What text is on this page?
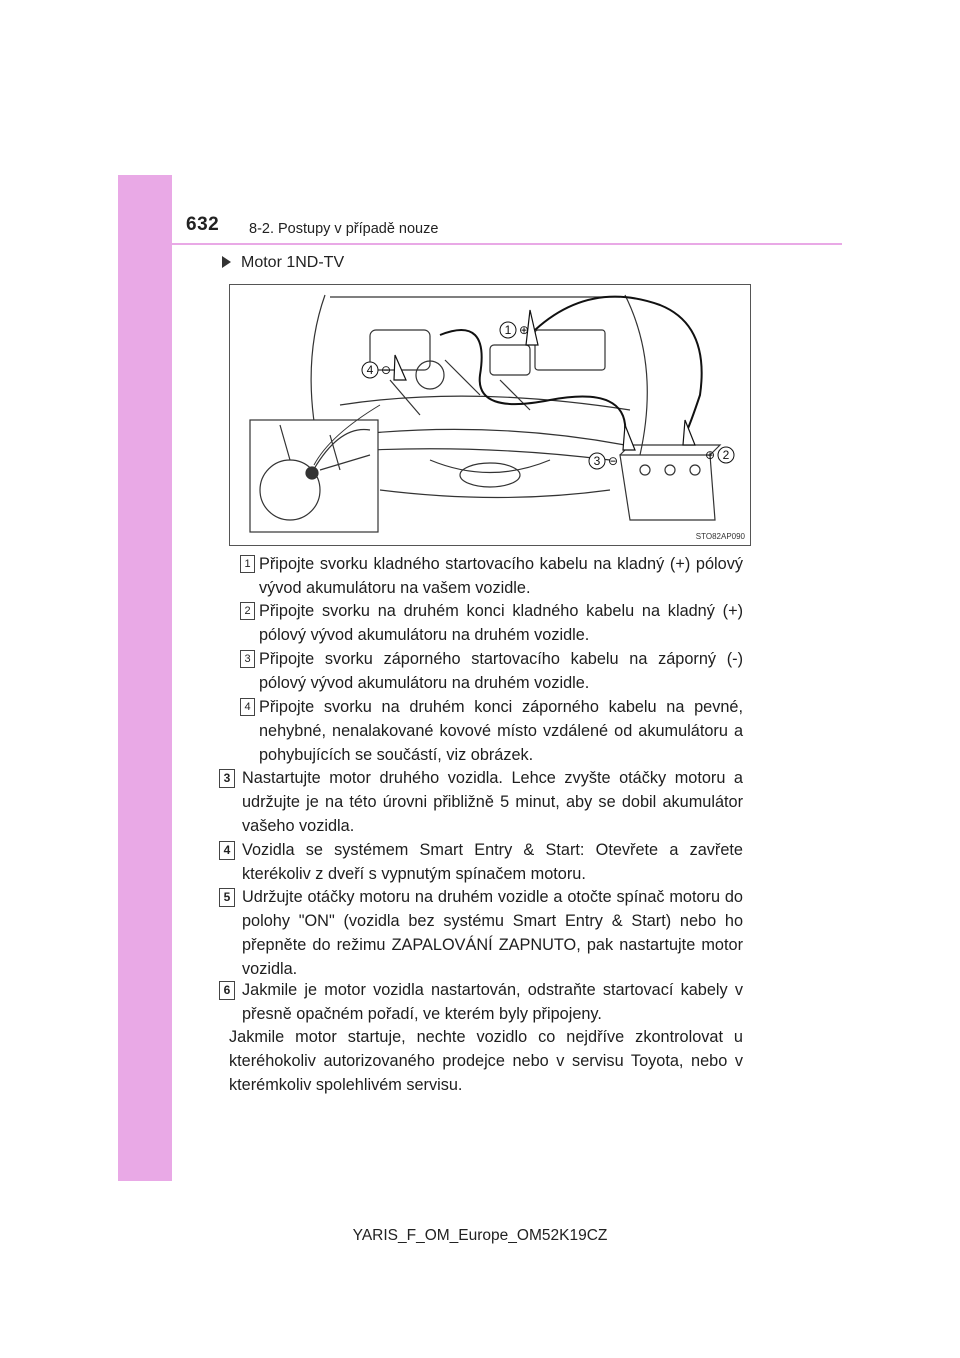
632 8-2. Postupy v případě nouze
Motor 1ND-TV
1
2
3
4
⊕
⊕
⊖
⊖
STO82AP090
1 Připojte svorku kladného startovacího kabelu na kladný (+) pólový vývod akumulátoru na vašem vozidle.
2 Připojte svorku na druhém konci kladného kabelu na kladný (+) pólový vývod akumulátoru na druhém vozidle.
3 Připojte svorku záporného startovacího kabelu na záporný (-) pólový vývod akumulátoru na druhém vozidle.
4 Připojte svorku na druhém konci záporného kabelu na pevné, nehybné, nenalakované kovové místo vzdálené od akumulátoru a pohybujících se součástí, viz obrázek.
3 Nastartujte motor druhého vozidla. Lehce zvyšte otáčky motoru a udržujte je na této úrovni přibližně 5 minut, aby se dobil akumulátor vašeho vozidla.
4 Vozidla se systémem Smart Entry & Start: Otevřete a zavřete kterékoliv z dveří s vypnutým spínačem motoru.
5 Udržujte otáčky motoru na druhém vozidle a otočte spínač motoru do polohy "ON" (vozidla bez systému Smart Entry & Start) nebo ho přepněte do režimu ZAPALOVÁNÍ ZAPNUTO, pak nastartujte motor vozidla.
6 Jakmile je motor vozidla nastartován, odstraňte startovací kabely v přesně opačném pořadí, ve kterém byly připojeny.
Jakmile motor startuje, nechte vozidlo co nejdříve zkontrolovat u kteréhokoliv autorizovaného prodejce nebo v servisu Toyota, nebo v kterémkoliv spolehlivém servisu.
YARIS_F_OM_Europe_OM52K19CZ
